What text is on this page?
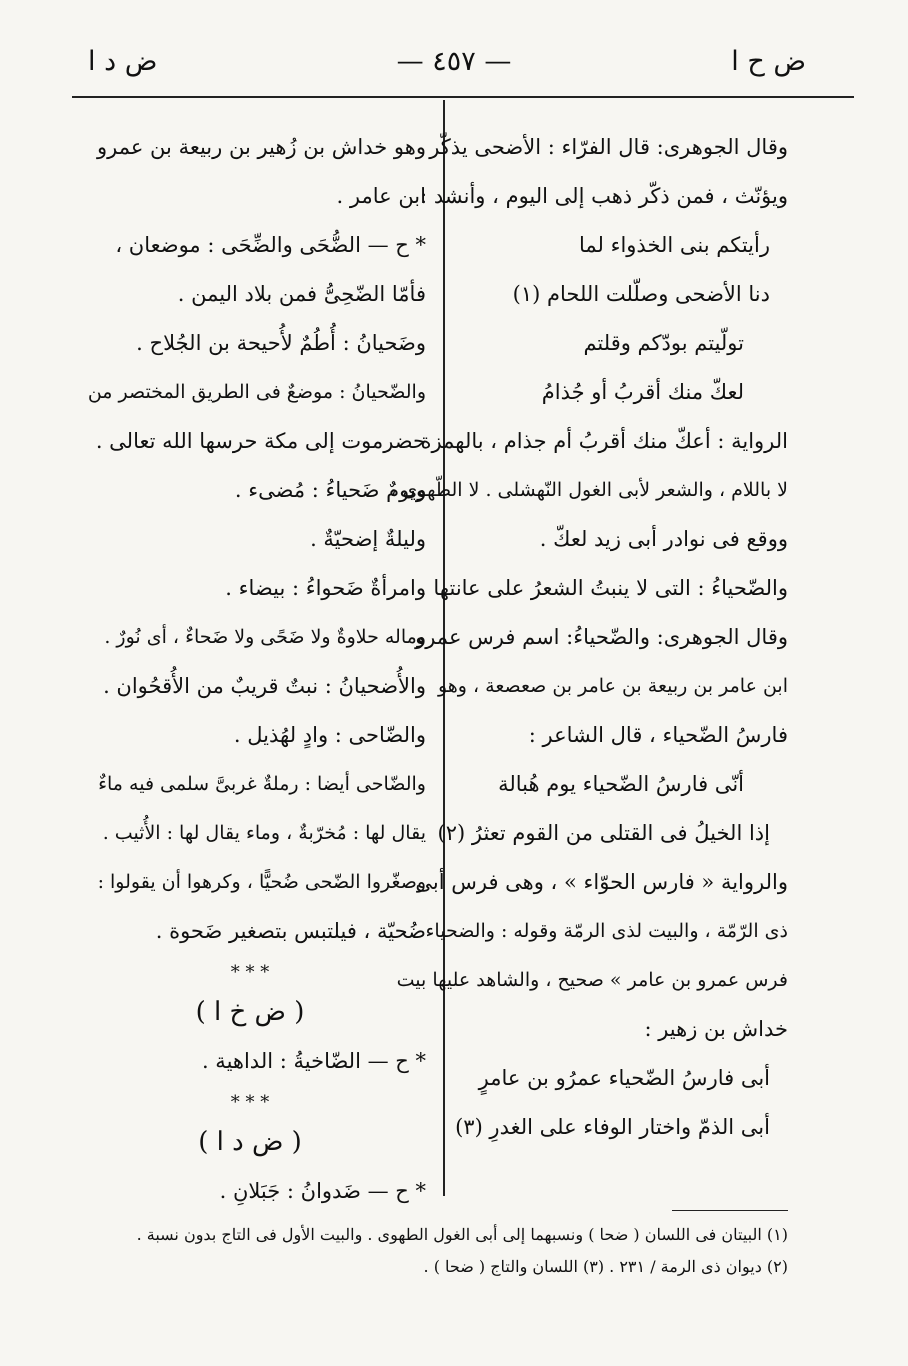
ض ح ا
— ٤٥٧ —
ض د ا
وقال الجوهرى: قال الفرّاء : الأضحى يذكّر
ويؤنّث ، فمن ذكّر ذهب إلى اليوم ، وأنشد :
رأيتكم بنى الخذواء لما
دنا الأضحى وصلّلت اللحام (١)
تولّيتم بودّكم وقلتم
لعكّ منك أقربُ أو جُذامُ
الرواية : أعكّ منك أقربُ أم جذام ، بالهمزة
لا باللام ، والشعر لأبى الغول النّهشلى . لا الطّهوى ،
ووقع فى نوادر أبى زيد لعكّ .
والضّحياءُ : التى لا ينبتُ الشعرُ على عانتها .
وقال الجوهرى: والضّحياءُ: اسم فرس عمرو
ابن عامر بن ربيعة بن عامر بن صعصعة ، وهو
فارسُ الضّحياء ، قال الشاعر :
أنّى فارسُ الضّحياء يوم هُبالة
إذا الخيلُ فى القتلى من القوم تعثرُ (٢)
والرواية « فارس الحوّاء » ، وهى فرس أبى
ذى الرّمّة ، والبيت لذى الرمّة وقوله : والضحياء
فرس عمرو بن عامر » صحيح ، والشاهد عليها بيت
خداش بن زهير :
أبى فارسُ الضّحياء عمرُو بن عامرٍ
أبى الذمّ واختار الوفاء على الغدرِ (٣)
وهو خداش بن زُهير بن ربيعة بن عمرو
ابن عامر .
* ح — الضُّحَى والضِّحَى : موضعان ،
فأمّا الضّحِىُّ فمن بلاد اليمن .
وضَحيانُ : أُطُمٌ لأُحيحة بن الجُلاح .
والضّحيانُ : موضعٌ فى الطريق المختصر من
حضرموت إلى مكة حرسها الله تعالى .
ويومٌ ضَحياءُ : مُضىء .
وليلةٌ إضحيّةٌ .
وامرأةٌ ضَحواءُ : بيضاء .
وماله حلاوةٌ ولا ضَحًى ولا ضَحاءٌ ، أى نُورٌ .
والأُضحيانُ : نبتٌ قريبٌ من الأُقحُوان .
والضّاحى : وادٍ لهُذيل .
والضّاحى أيضا : رملةٌ غربىَّ سلمى فيه ماءٌ
يقال لها : مُخرّبةٌ ، وماء يقال لها : الأُثيب .
وصغّروا الضّحى ضُحيًّا ، وكرهوا أن يقولوا :
ضُحيّة ، فيلتبس بتصغير ضَحوة .
* * *
( ض خ ا )
* ح — الضّاخيةُ : الداهية .
* * *
( ض د ا )
* ح — ضَدوانُ : جَبَلانِ .
(١) البيتان فى اللسان ( ضحا ) ونسبهما إلى أبى الغول الطهوى . والبيت الأول فى التاج بدون نسبة .
(٢) ديوان ذى الرمة / ٢٣١ . (٣) اللسان والتاج ( ضحا ) .
